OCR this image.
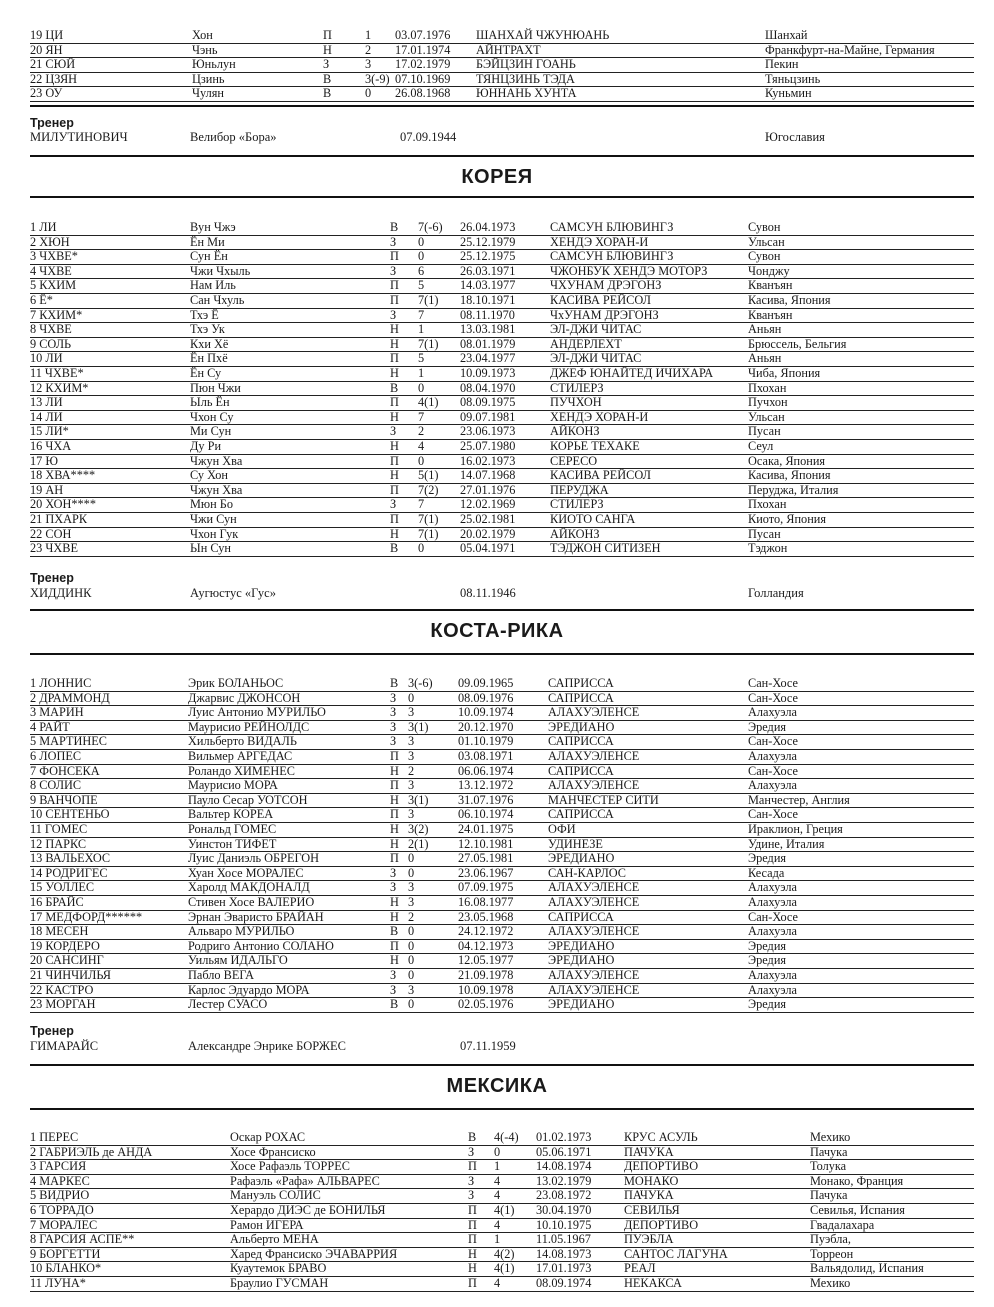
19 ЦИ	Хон	П	1 03.07.1976 ШАНХАЙ ЧЖУНЮАНЬ	Шанхай
20 ЯН	Чэнь	Н	2 17.01.1974 АЙНТРАХТ	Франкфурт-на-Майне, Германия
21 СЮЙ	Юньлун	З	3 17.02.1979 БЭЙЦЗИН ГОАНЬ	Пекин
22 ЦЗЯН	Цзинь	В	3(-9) 07.10.1969 ТЯНЦЗИНЬ ТЭДА	Тяньцзинь
23 ОУ	Чулян	В	0 26.08.1968 ЮННАНЬ ХУНТА	Куньмин
Тренер
МИЛУТИНОВИЧ	Велибор «Бора»	07.09.1944	Югославия
КОРЕЯ
1 ЛИ	Вун Чжэ	В 7(-6) 26.04.1973	САМСУН БЛЮВИНГЗ	Сувон
2 ХЮН	Ён Ми	З 0	25.12.1979	ХЕНДЭ ХОРАН-И	Ульсан
3 ЧХВЕ*	Сун Ён	П 0	25.12.1975	САМСУН БЛЮВИНГЗ	Сувон
4 ЧХВЕ	Чжи Чхыль	З 6	26.03.1971	ЧЖОНБУК ХЕНДЭ МОТОРЗ	Чонджу
5 КХИМ	Нам Иль	П 5	14.03.1977	ЧХУНАМ ДРЭГОНЗ	Кванъян
6 Ё*	Сан Чхуль	П 7(1) 18.10.1971	КАСИВА РЕЙСОЛ	Касива, Япония
7 КХИМ*	Тхэ Ё	З 7	08.11.1970	ЧхУНАМ ДРЭГОНЗ	Кванъян
8 ЧХВЕ	Тхэ Ук	Н 1	13.03.1981	ЭЛ-ДЖИ ЧИТАС	Аньян
9 СОЛЬ	Кхи Хё	Н 7(1) 08.01.1979	АНДЕРЛЕХТ	Брюссель, Бельгия
10 ЛИ	Ён Пхё	П 5	23.04.1977	ЭЛ-ДЖИ ЧИТАС	Аньян
11 ЧХВЕ*	Ён Су	Н 1	10.09.1973	ДЖЕФ ЮНАЙТЕД ИЧИХАРА	Чиба, Япония
12 КХИМ*	Пюн Чжи	В 0	08.04.1970	СТИЛЕРЗ	Пхохан
13 ЛИ	Ыль Ён	П 4(1) 08.09.1975	ПУЧХОН	Пучхон
14 ЛИ	Чхон Су	Н 7	09.07.1981	ХЕНДЭ ХОРАН-И	Ульсан
15 ЛИ*	Ми Сун	З 2	23.06.1973	АЙКОНЗ	Пусан
16 ЧХА	Ду Ри	Н 4	25.07.1980	КОРЬЕ ТЕХАКЕ	Сеул
17 Ю	Чжун Хва	П 0	16.02.1973	СЕРЕСО	Осака, Япония
18 ХВА****	Су Хон	Н 5(1) 14.07.1968	КАСИВА РЕЙСОЛ	Касива, Япония
19 АН	Чжун Хва	П 7(2) 27.01.1976	ПЕРУДЖА	Перуджа, Италия
20 ХОН****	Мюн Бо	З 7	12.02.1969	СТИЛЕРЗ	Пхохан
21 ПХАРК	Чжи Сун	П 7(1) 25.02.1981	КИОТО САНГА	Киото, Япония
22 СОН	Чхон Гук	Н 7(1) 20.02.1979	АЙКОНЗ	Пусан
23 ЧХВЕ	Ын Сун	В 0	05.04.1971	ТЭДЖОН СИТИЗЕН	Тэджон
Тренер
ХИДДИНК	Аугюстус «Гус»	08.11.1946	Голландия
КОСТА-РИКА
1 ЛОННИС	Эрик БОЛАНЬОС	В 3(-6) 09.09.1965	САПРИССА	Сан-Хосе
2 ДРАММОНД	Джарвис ДЖОНСОН	З 0	08.09.1976	САПРИССА	Сан-Хосе
3 МАРИН	Луис Антонио МУРИЛЬО	З 3	10.09.1974	АЛАХУЭЛЕНСЕ	Алахуэла
4 РАЙТ	Маурисио РЕЙНОЛДС	З 3(1) 20.12.1970	ЭРЕДИАНО	Эредия
5 МАРТИНЕС	Хильберто ВИДАЛЬ	З 3	01.10.1979	САПРИССА	Сан-Хосе
6 ЛОПЕС	Вильмер АРГЕДАС	П 3	03.08.1971	АЛАХУЭЛЕНСЕ	Алахуэла
7 ФОНСЕКА	Роландо ХИМЕНЕС	Н 2	06.06.1974	САПРИССА	Сан-Хосе
8 СОЛИС	Маурисио МОРА	П 3	13.12.1972	АЛАХУЭЛЕНСЕ	Алахуэла
9 ВАНЧОПЕ	Пауло Сесар УОТСОН	Н 3(1) 31.07.1976	МАНЧЕСТЕР СИТИ	Манчестер, Англия
10 СЕНТЕНЬО	Вальтер КОРЕА	П 3	06.10.1974	САПРИССА	Сан-Хосе
11 ГОМЕС	Рональд ГОМЕС	Н 3(2) 24.01.1975	ОФИ	Ираклион, Греция
12 ПАРКС	Уинстон ТИФЕТ	Н 2(1) 12.10.1981	УДИНЕЗЕ	Удине, Италия
13 ВАЛЬЕХОС	Луис Даниэль ОБРЕГОН	П 0	27.05.1981	ЭРЕДИАНО	Эредия
14 РОДРИГЕС	Хуан Хосе МОРАЛЕС	З 0	23.06.1967	САН-КАРЛОС	Кесада
15 УОЛЛЕС	Харолд МАКДОНАЛД	З 3	07.09.1975	АЛАХУЭЛЕНСЕ	Алахуэла
16 БРАЙС	Стивен Хосе ВАЛЕРИО	Н 3	16.08.1977	АЛАХУЭЛЕНСЕ	Алахуэла
17 МЕДФОРД******	Эрнан Эваристо БРАЙАН	Н 2	23.05.1968	САПРИССА	Сан-Хосе
18 МЕСЕН	Альваро МУРИЛЬО	В 0	24.12.1972	АЛАХУЭЛЕНСЕ	Алахуэла
19 КОРДЕРО	Родриго Антонио СОЛАНО	П 0	04.12.1973	ЭРЕДИАНО	Эредия
20 САНСИНГ	Уильям ИДАЛЬГО	Н 0	12.05.1977	ЭРЕДИАНО	Эредия
21 ЧИНЧИЛЬЯ	Пабло ВЕГА	З 0	21.09.1978	АЛАХУЭЛЕНСЕ	Алахуэла
22 КАСТРО	Карлос Эдуардо МОРА	З 3	10.09.1978	АЛАХУЭЛЕНСЕ	Алахуэла
23 МОРГАН	Лестер СУАСО	В 0	02.05.1976	ЭРЕДИАНО	Эредия
Тренер
ГИМАРАЙС	Александре Энрике БОРЖЕС	07.11.1959
МЕКСИКА
1 ПЕРЕС	Оскар РОХАС	В 4(-4) 01.02.1973	КРУС АСУЛЬ	Мехико
2 ГАБРИЭЛЬ де АНДА	Хосе Франсиско	З 0	05.06.1971	ПАЧУКА	Пачука
3 ГАРСИЯ	Хосе Рафаэль ТОРРЕС	П 1	14.08.1974	ДЕПОРТИВО	Толука
4 МАРКЕС	Рафаэль «Рафа» АЛЬВАРЕС	З 4	13.02.1979	МОНАКО	Монако, Франция
5 ВИДРИО	Мануэль СОЛИС	З 4	23.08.1972	ПАЧУКА	Пачука
6 ТОРРАДО	Херардо ДИЭС де БОНИЛЬЯ	П 4(1) 30.04.1970	СЕВИЛЬЯ	Севилья, Испания
7 МОРАЛЕС	Рамон ИГЕРА	П 4	10.10.1975	ДЕПОРТИВО	Гвадалахара
8 ГАРСИЯ АСПЕ**	Альберто МЕНА	П 1	11.05.1967	ПУЭБЛА	Пуэбла,
9 БОРГЕТТИ	Харед Франсиско ЭЧАВАРРИЯ	Н 4(2) 14.08.1973	САНТОС ЛАГУНА	Торреон
10 БЛАНКО*	Куаутемок БРАВО	Н 4(1) 17.01.1973	РЕАЛ	Вальядолид, Испания
11 ЛУНА*	Браулио ГУСМАН	П 4	08.09.1974	НЕКАКСА	Мехико
